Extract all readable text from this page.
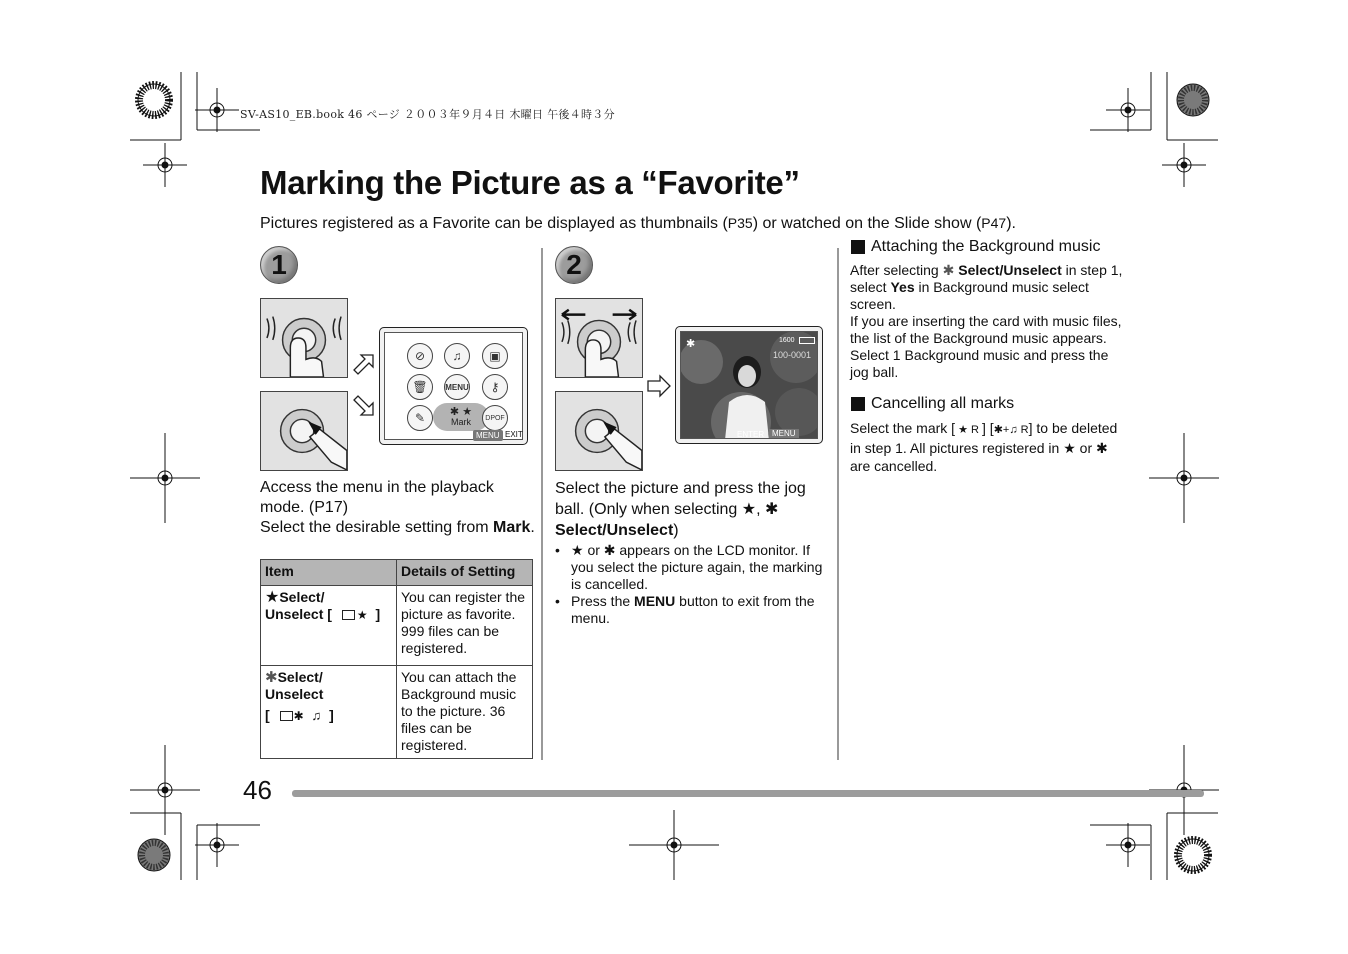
SV-AS10_EB.book 46 ページ ２００３年９月４日 木曜日 午後４時３分
Marking the Picture as a “Favorite”

Pictures registered as a Favorite can be displayed as thumbnails (P35) or watched on the Slide show (P47).

1
⊘	♫	▣
🗑	MENU	⚷
✎	✱ ★
Mark DPOF
MENU EXIT

Access the menu in the playback mode. (P17)

Select the desirable setting from Mark.

Item	Details of Setting
★Select/
Unselect [ ★ ]	You can register the picture as favorite. 999 files can be registered.
✱Select/
Unselect
[ ✱ ♫ ]	You can attach the Background music to the picture. 36 files can be registered.
2
✱	1600
100-0001
ENTER MENU

Select the picture and press the jog

ball. (Only when selecting ★, ✱

Select/Unselect)

• ★ or ✱ appears on the LCD monitor. If you select the picture again, the marking is cancelled.
• Press the MENU button to exit from the menu.
Attaching the Background music

After selecting ✱ Select/Unselect in step 1, select Yes in Background music select screen.

If you are inserting the card with music files, the list of the Background music appears. Select 1 Background music and press the jog ball.

Cancelling all marks

Select the mark [ ★ R ] [✱+♫ R] to be deleted in step 1. All pictures registered in ★ or ✱ are cancelled.

46
